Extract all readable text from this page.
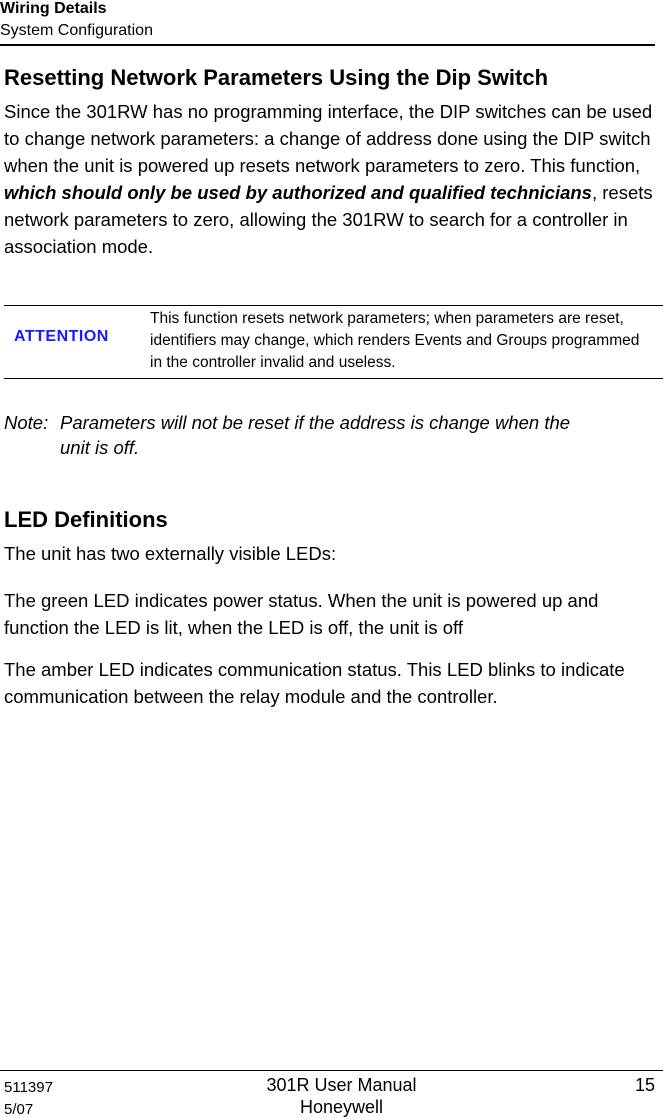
Wiring Details
System Configuration
Resetting Network Parameters Using the Dip Switch
Since the 301RW has no programming interface, the DIP switches can be used to change network parameters: a change of address done using the DIP switch when the unit is powered up resets network parameters to zero. This function, which should only be used by authorized and qualified technicians, resets network parameters to zero, allowing the 301RW to search for a controller in association mode.
ATTENTION
This function resets network parameters; when parameters are reset, identifiers may change, which renders Events and Groups programmed in the controller invalid and useless.
Note: Parameters will not be reset if the address is change when the
unit is off.
LED Definitions
The unit has two externally visible LEDs:
The green LED indicates power status. When the unit is powered up and function the LED is lit, when the LED is off, the unit is off
The amber LED indicates communication status. This LED blinks to indicate communication between the relay module and the controller.
511397
5/07
301R User Manual
Honeywell
15
